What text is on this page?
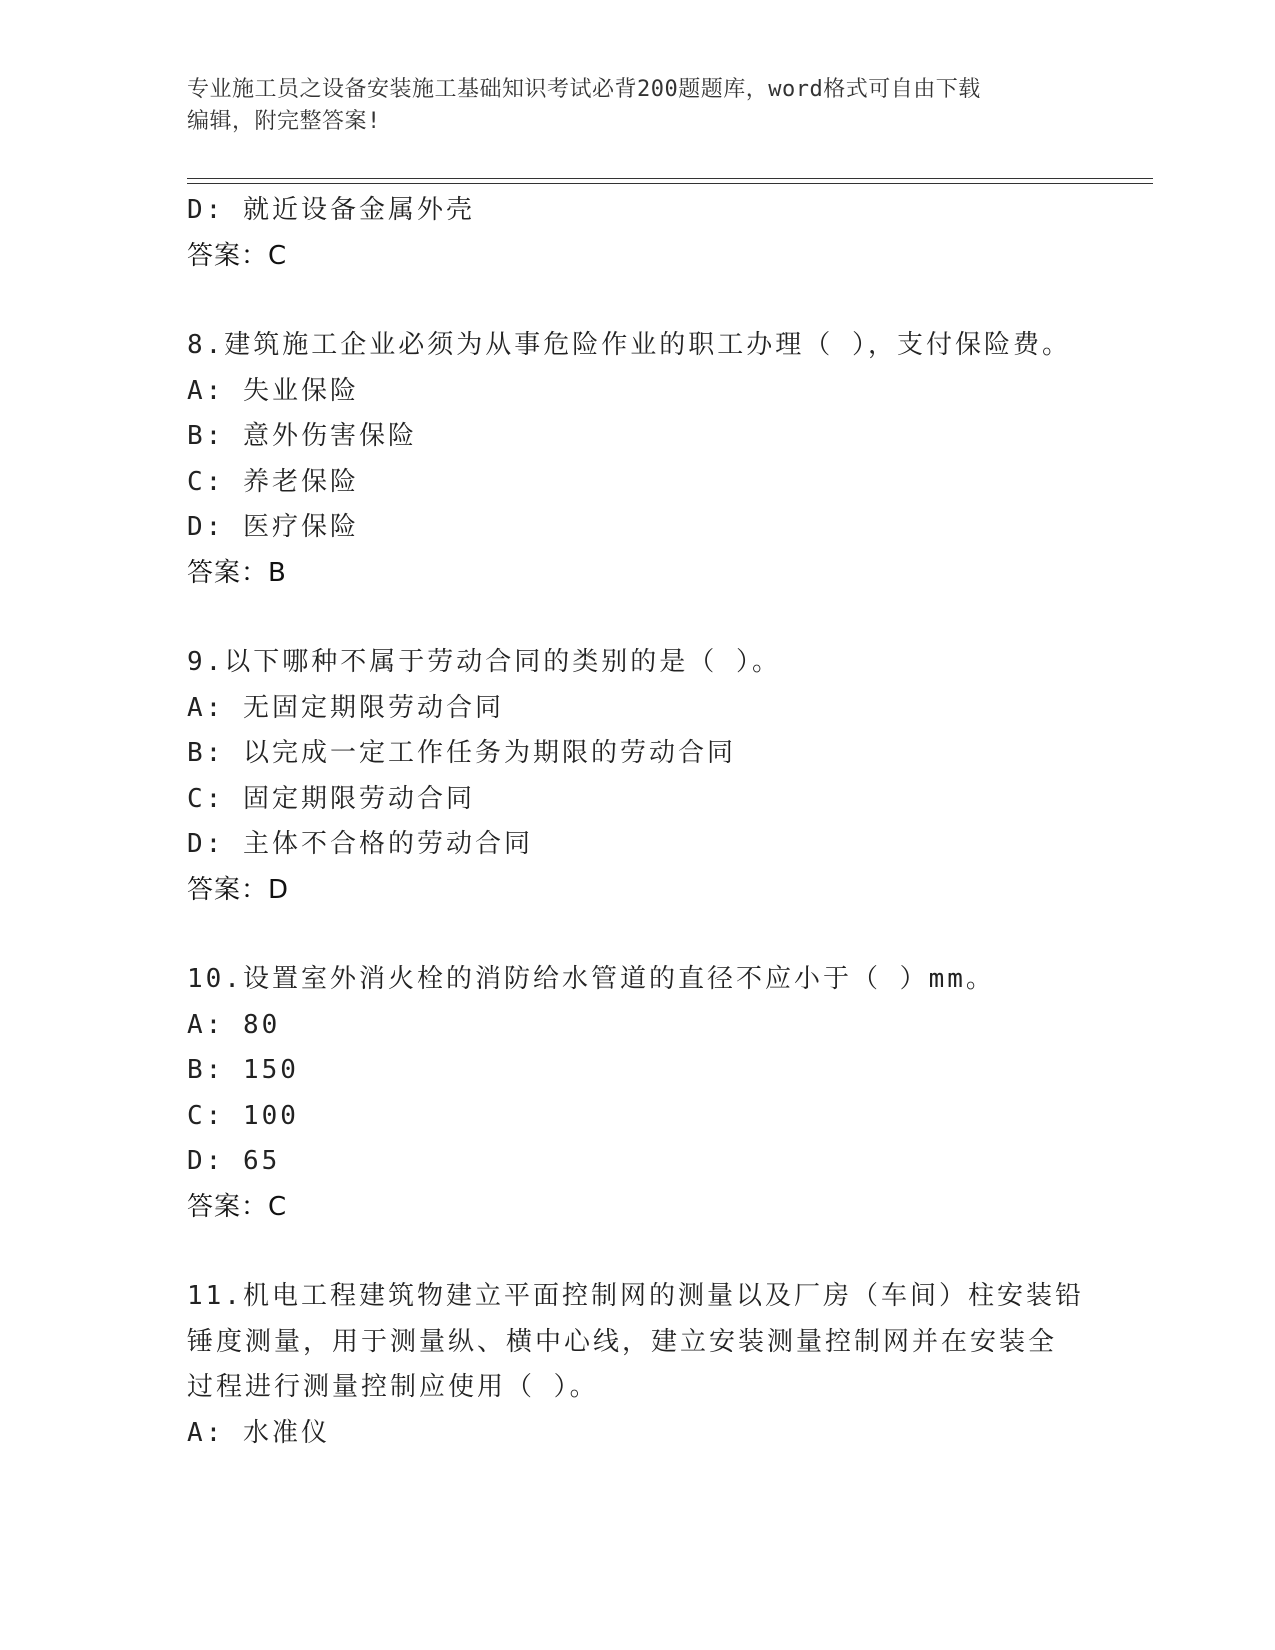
专业施工员之设备安装施工基础知识考试必背200题题库，word格式可自由下载
编辑，附完整答案!
D: 就近设备金属外壳
答案：C
8.建筑施工企业必须为从事危险作业的职工办理（ ），支付保险费。
A: 失业保险
B: 意外伤害保险
C: 养老保险
D: 医疗保险
答案：B
9.以下哪种不属于劳动合同的类别的是（ ）。
A: 无固定期限劳动合同
B: 以完成一定工作任务为期限的劳动合同
C: 固定期限劳动合同
D: 主体不合格的劳动合同
答案：D
10.设置室外消火栓的消防给水管道的直径不应小于（ ）mm。
A: 80
B: 150
C: 100
D: 65
答案：C
11.机电工程建筑物建立平面控制网的测量以及厂房（车间）柱安装铅
锤度测量，用于测量纵、横中心线，建立安装测量控制网并在安装全
过程进行测量控制应使用（ ）。
A: 水准仪
